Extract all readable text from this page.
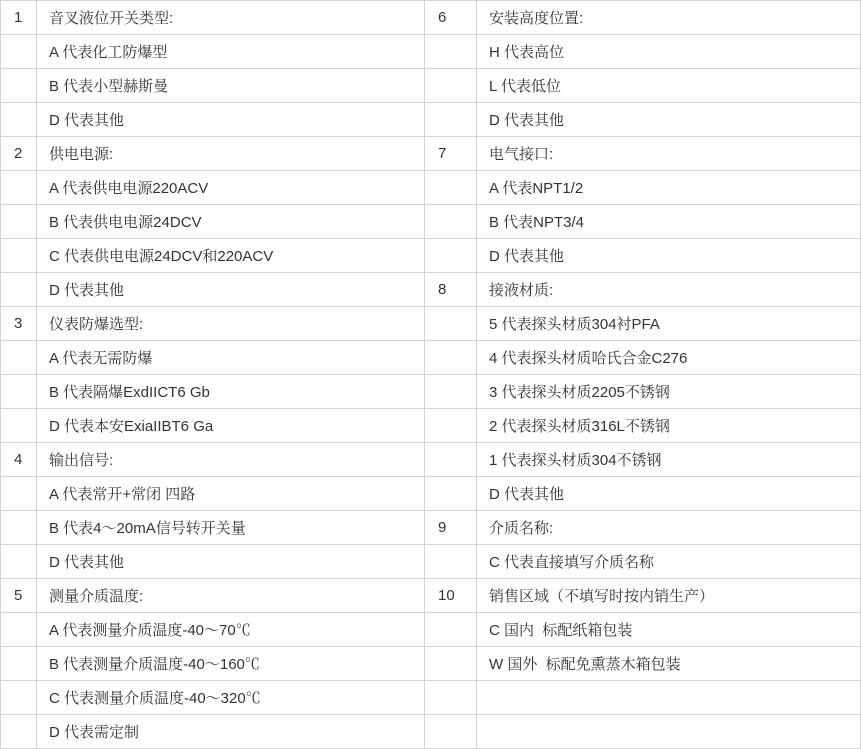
1	音叉液位开关类型:	6	安装高度位置:
	A 代表化工防爆型		H 代表高位
	B 代表小型赫斯曼		L 代表低位
	D 代表其他		D 代表其他
2	供电电源:	7	电气接口:
	A 代表供电电源220ACV		A 代表NPT1/2
	B 代表供电电源24DCV		B 代表NPT3/4
	C 代表供电电源24DCV和220ACV		D 代表其他
	D 代表其他	8	接液材质:
3	仪表防爆选型:		5 代表探头材质304衬PFA
	A 代表无需防爆		4 代表探头材质哈氏合金C276
	B 代表隔爆ExdIICT6 Gb		3 代表探头材质2205不锈钢
	D 代表本安ExiaIIBT6 Ga		2 代表探头材质316L不锈钢
4	输出信号:		1 代表探头材质304不锈钢
	A 代表常开+常闭 四路		D 代表其他
	B 代表4～20mA信号转开关量	9	介质名称:
	D 代表其他		C 代表直接填写介质名称
5	测量介质温度:	10	销售区域（不填写时按内销生产）
	A 代表测量介质温度-40～70℃		C 国内  标配纸箱包装
	B 代表测量介质温度-40～160℃		W 国外  标配免熏蒸木箱包装
	C 代表测量介质温度-40～320℃		
	D 代表需定制		
